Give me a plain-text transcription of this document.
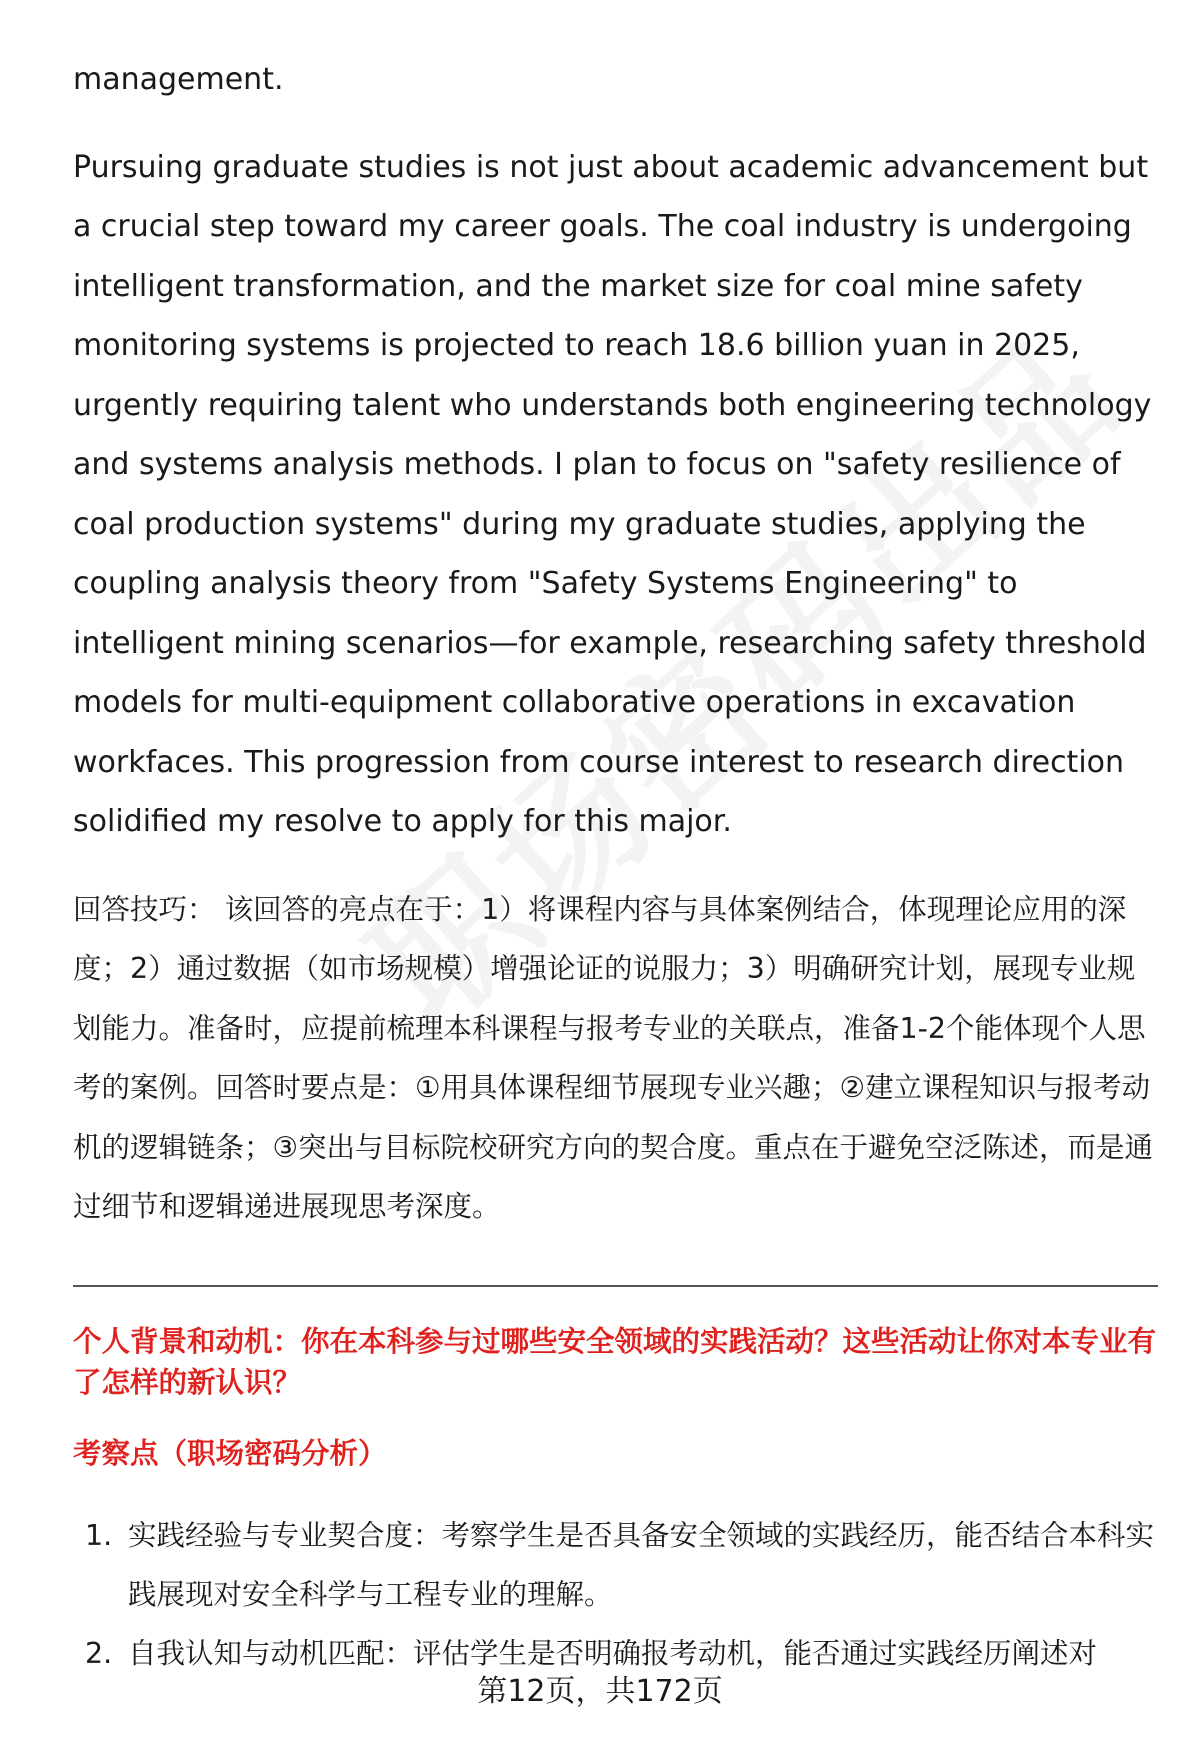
management.

Pursuing graduate studies is not just about academic advancement but a crucial step toward my career goals. The coal industry is undergoing intelligent transformation, and the market size for coal mine safety monitoring systems is projected to reach 18.6 billion yuan in 2025, urgently requiring talent who understands both engineering technology and systems analysis methods. I plan to focus on "safety resilience of coal production systems" during my graduate studies, applying the coupling analysis theory from "Safety Systems Engineering" to intelligent mining scenarios—for example, researching safety threshold models for multi-equipment collaborative operations in excavation workfaces. This progression from course interest to research direction solidified my resolve to apply for this major.

回答技巧： 该回答的亮点在于：1）将课程内容与具体案例结合，体现理论应用的深度；2）通过数据（如市场规模）增强论证的说服力；3）明确研究计划，展现专业规划能力。准备时，应提前梳理本科课程与报考专业的关联点，准备1-2个能体现个人思考的案例。回答时要点是：①用具体课程细节展现专业兴趣；②建立课程知识与报考动机的逻辑链条；③突出与目标院校研究方向的契合度。重点在于避免空泛陈述，而是通过细节和逻辑递进展现思考深度。

个人背景和动机：你在本科参与过哪些安全领域的实践活动？这些活动让你对本专业有了怎样的新认识？

考察点（职场密码分析）

1. 实践经验与专业契合度：考察学生是否具备安全领域的实践经历，能否结合本科实践展现对安全科学与工程专业的理解。
2. 自我认知与动机匹配：评估学生是否明确报考动机，能否通过实践经历阐述对
第12页，共172页
